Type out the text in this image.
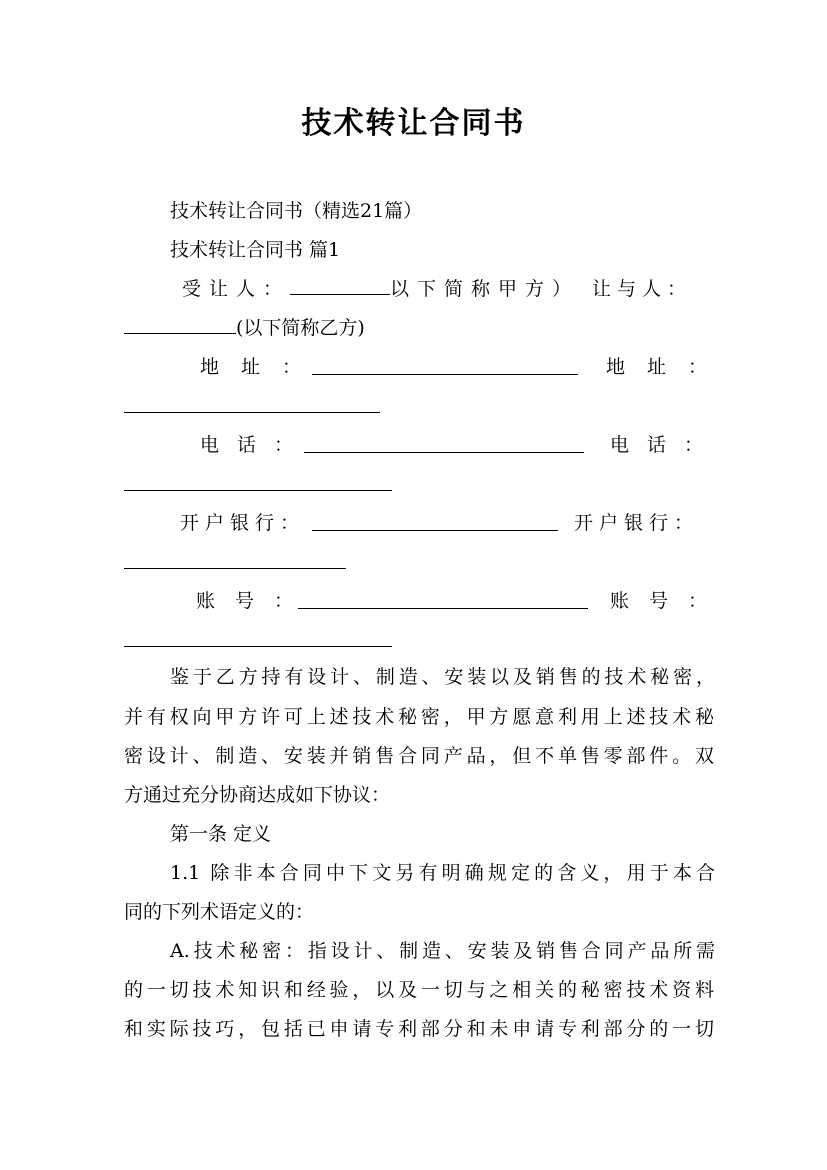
技术转让合同书
技术转让合同书（精选21篇）
技术转让合同书 篇1
受让人：	以下简称甲方） 让与人：
(以下简称乙方)
地址：	地址：
电话：	电话：
开户银行：	开户银行：
账号：	账号：
鉴于乙方持有设计、制造、安装以及销售的技术秘密，
并有权向甲方许可上述技术秘密，甲方愿意利用上述技术秘
密设计、制造、安装并销售合同产品，但不单售零部件。双
方通过充分协商达成如下协议：
第一条 定义
1.1 除非本合同中下文另有明确规定的含义，用于本合
同的下列术语定义的：
A.技术秘密：指设计、制造、安装及销售合同产品所需
的一切技术知识和经验，以及一切与之相关的秘密技术资料
和实际技巧，包括已申请专利部分和未申请专利部分的一切
